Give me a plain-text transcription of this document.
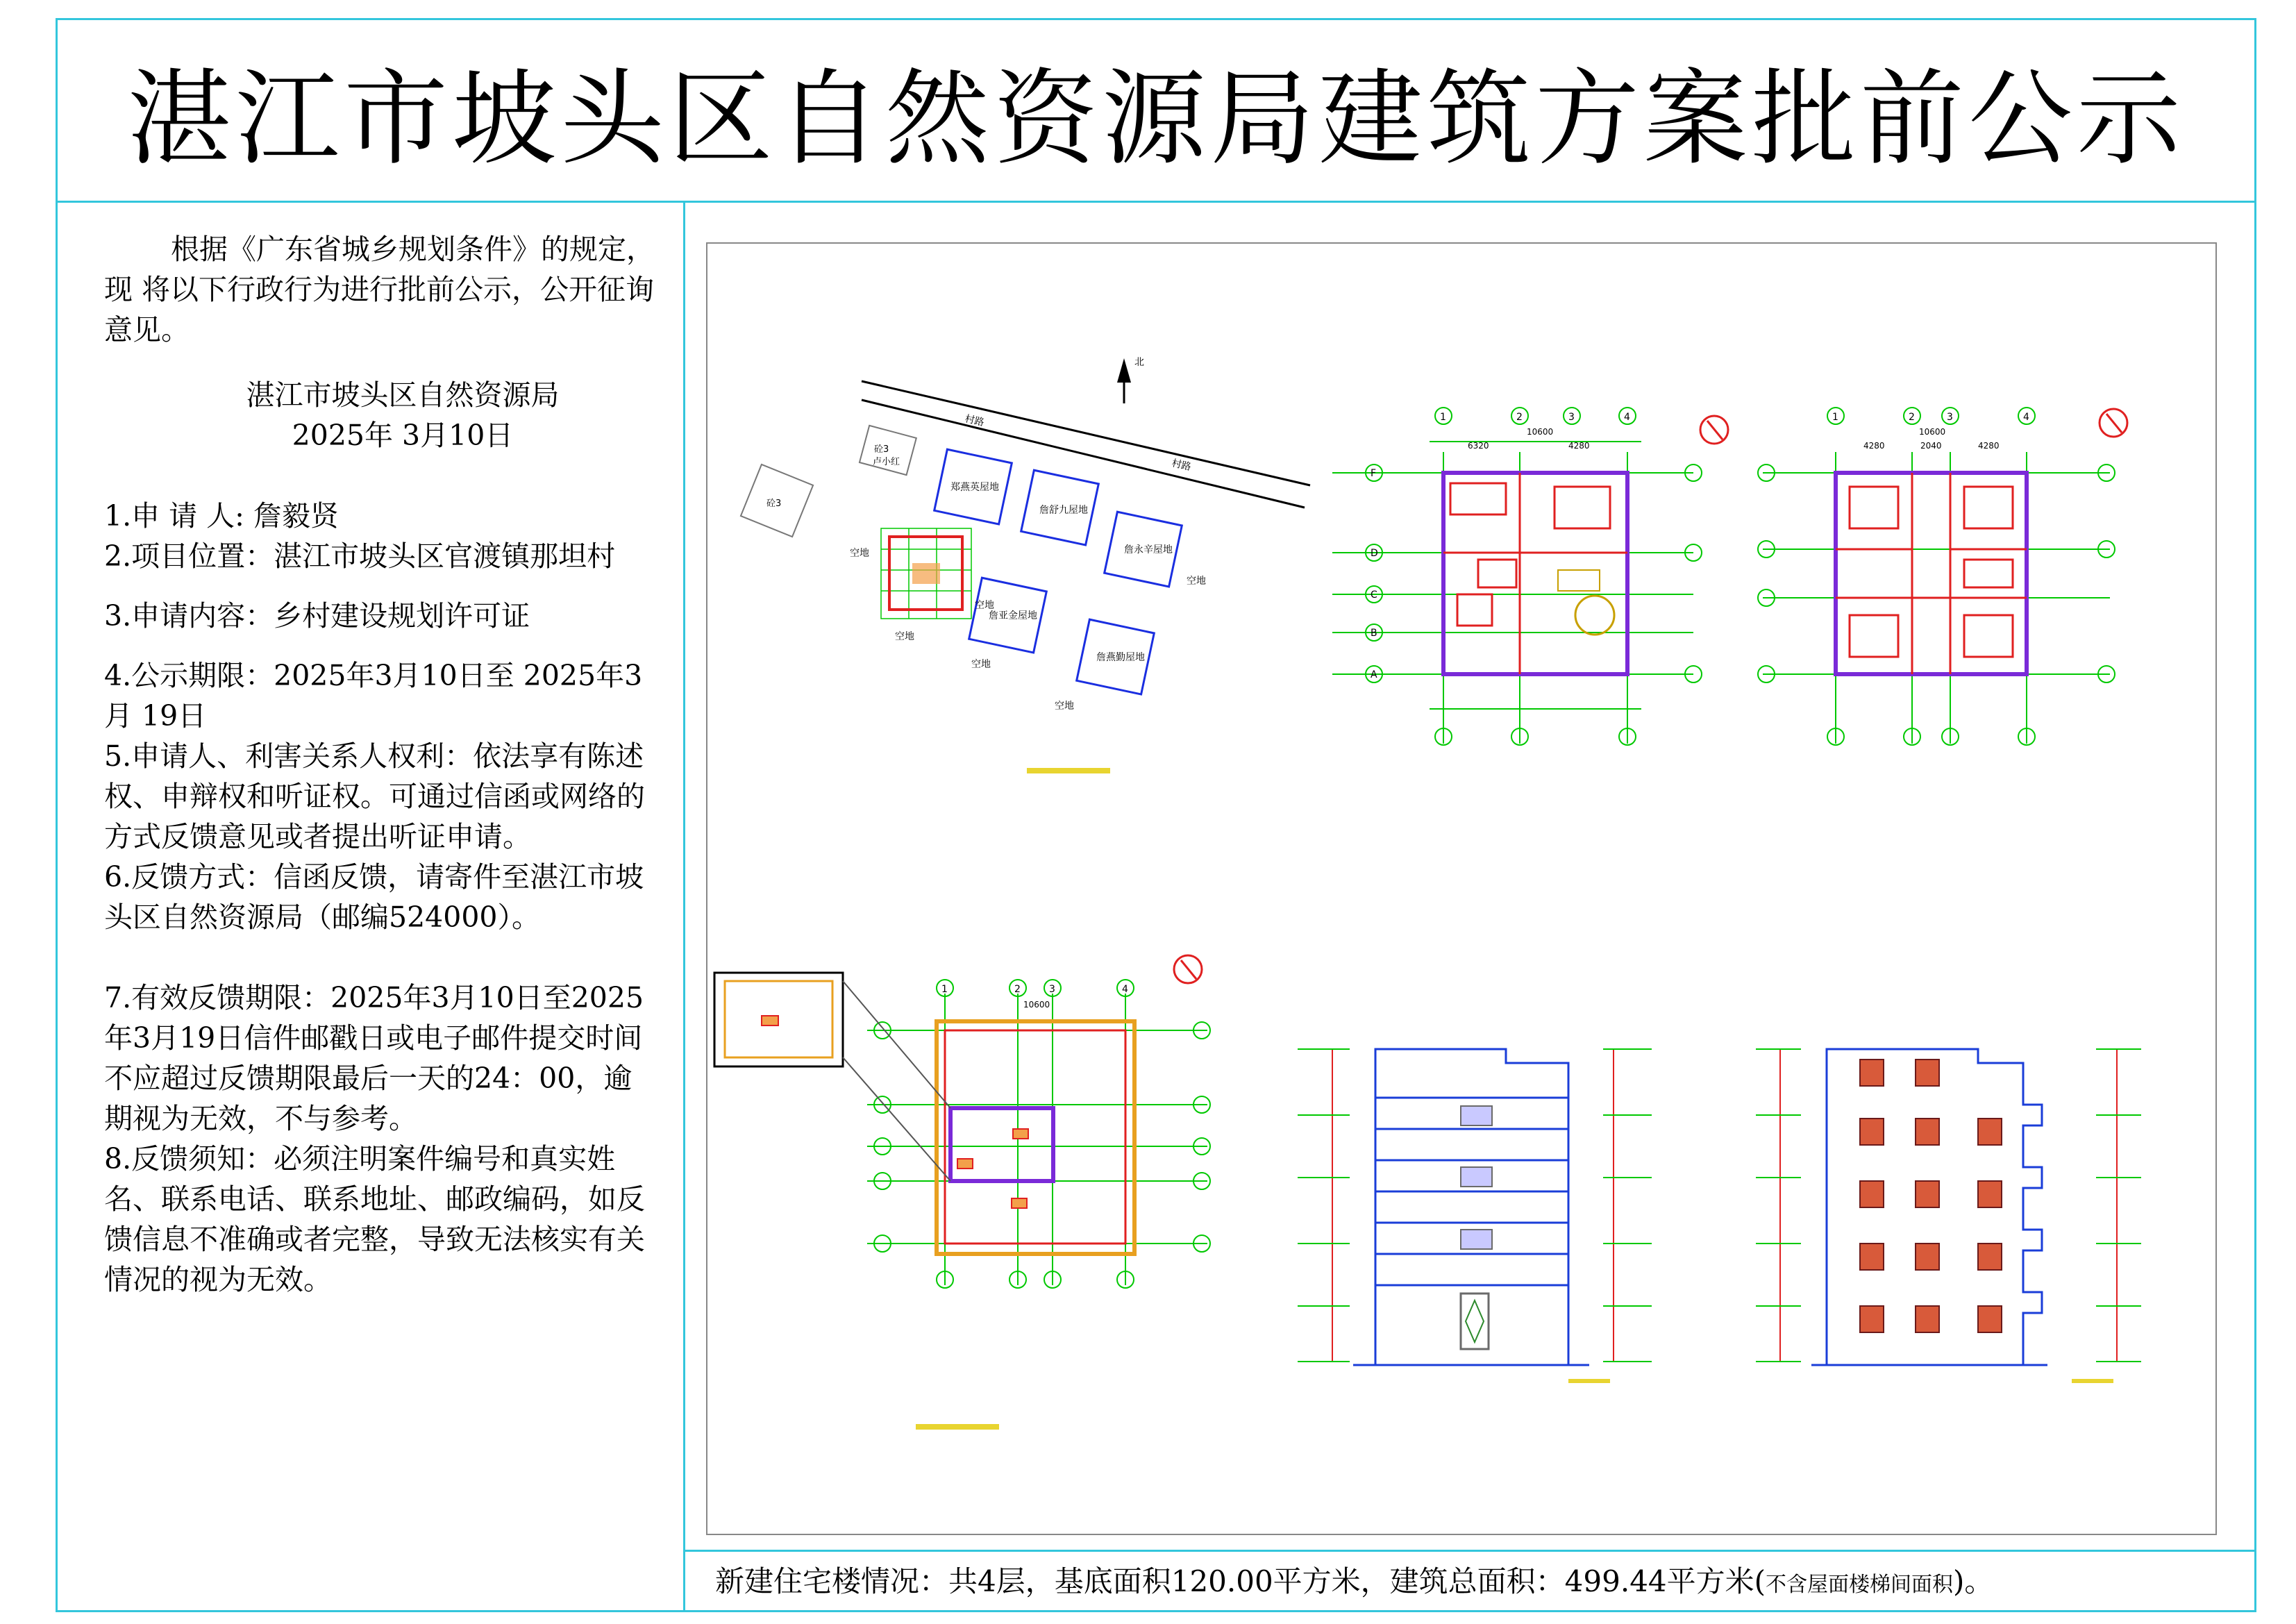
湛江市坡头区自然资源局建筑方案批前公示

根据《广东省城乡规划条件》的规定，现 将以下行政行为进行批前公示，公开征询意见。

湛江市坡头区自然资源局

2025年 3月10日

1.申 请 人: 詹毅贤

2.项目位置：湛江市坡头区官渡镇那坦村

3.申请内容：乡村建设规划许可证

4.公示期限：2025年3月10日至 2025年3月 19日

5.申请人、利害关系人权利：依法享有陈述权、申辩权和听证权。可通过信函或网络的方式反馈意见或者提出听证申请。

6.反馈方式：信函反馈，请寄件至湛江市坡头区自然资源局（邮编524000）。

7.有效反馈期限：2025年3月10日至2025年3月19日信件邮戳日或电子邮件提交时间不应超过反馈期限最后一天的24：00，逾期视为无效，不与参考。

8.反馈须知：必须注明案件编号和真实姓名、联系电话、联系地址、邮政编码，如反馈信息不准确或者完整，导致无法核实有关情况的视为无效。

北
村路
村路
砼3
卢小红
砼3
郑燕英屋地
詹舒九屋地
詹永辛屋地
詹亚金屋地
詹燕勤屋地
空地
空地
空地
空地
空地
空地
1	2	3	4
A
B
C
D
F
10600
6320	4280
1	2	3	4
10600
4280	2040	4280
1	2	3	4
10600
新建住宅楼情况：共4层，基底面积120.00平方米，建筑总面积：499.44平方米(不含屋面楼梯间面积)。
